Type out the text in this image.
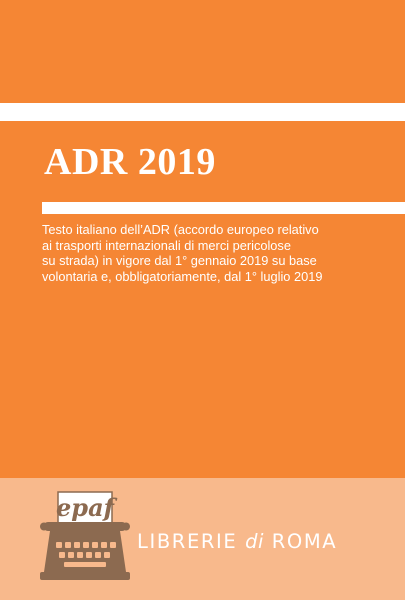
ADR 2019

Testo italiano dell’ADR (accordo europeo relativo
ai trasporti internazionali di merci pericolose
su strada) in vigore dal 1° gennaio 2019 su base
volontaria e, obbligatoriamente, dal 1° luglio 2019

epaf

LIBRERIE di ROMA
